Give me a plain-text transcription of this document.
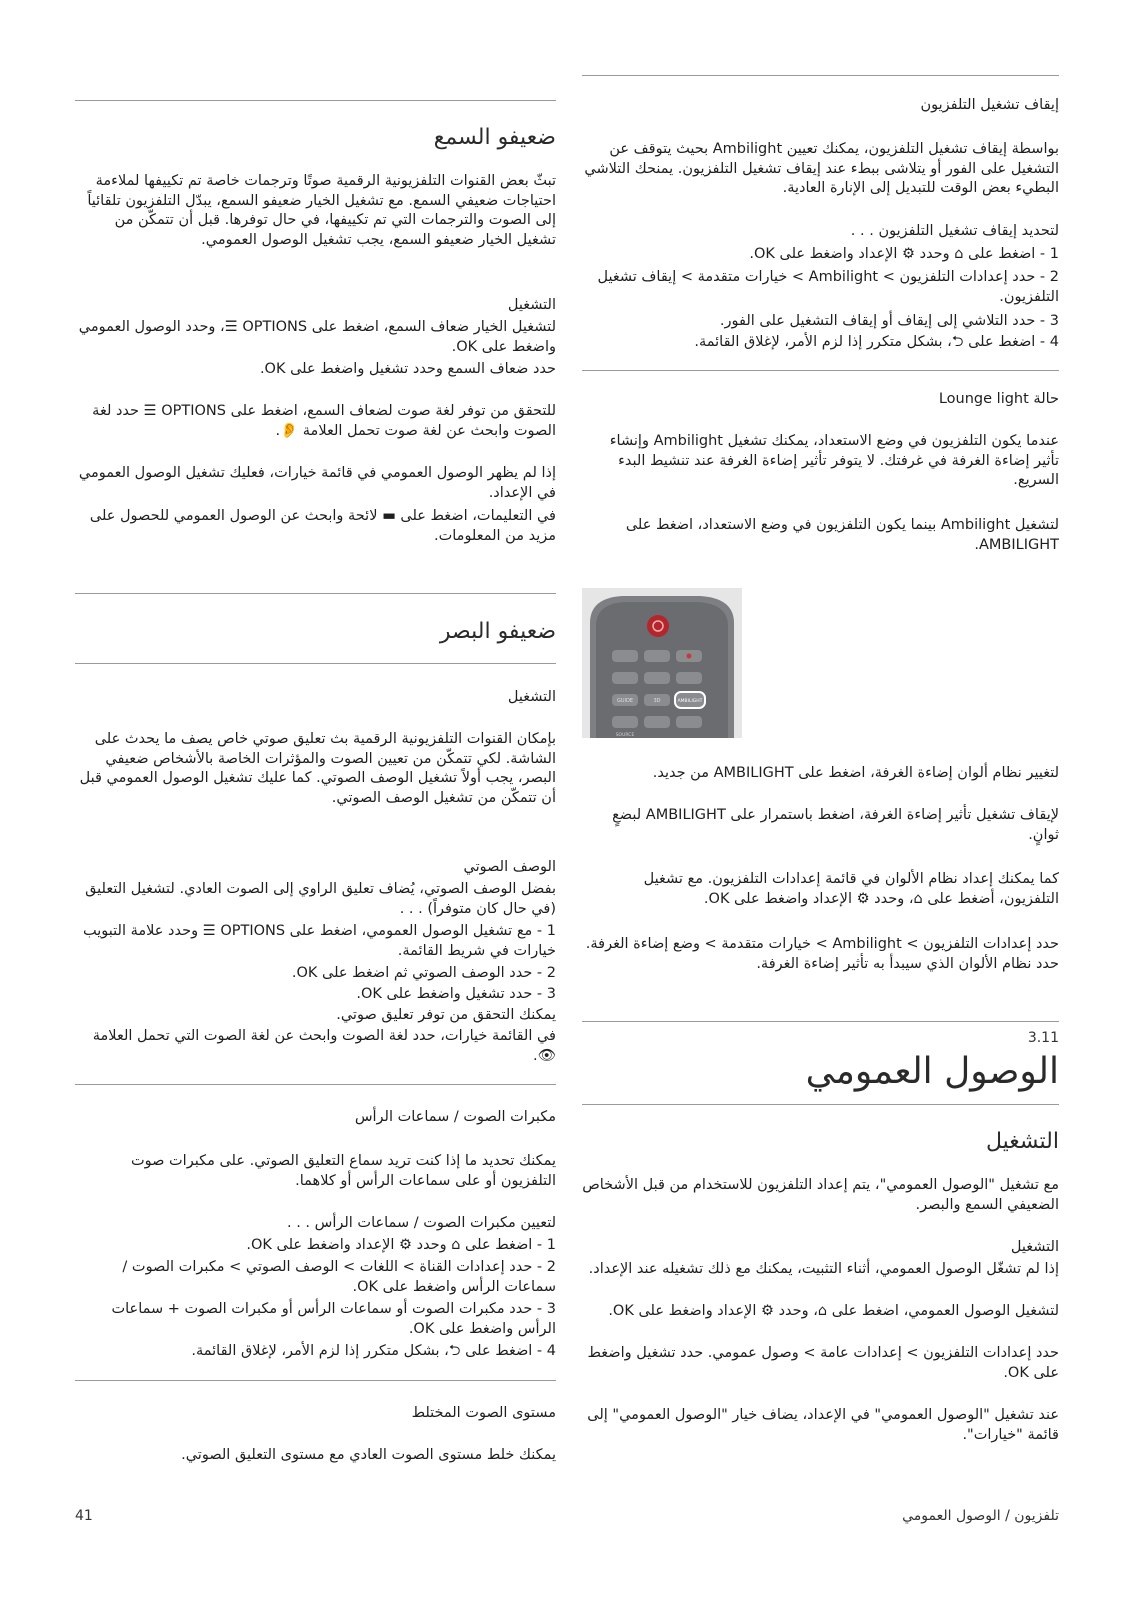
إيقاف تشغيل التلفزيون
بواسطة إيقاف تشغيل التلفزيون، يمكنك تعيين Ambilight بحيث يتوقف عن التشغيل على الفور أو يتلاشى ببطء عند إيقاف تشغيل التلفزيون. يمنحك التلاشي البطيء بعض الوقت للتبديل إلى الإنارة العادية.
لتحديد إيقاف تشغيل التلفزيون . . .
1 - اضغط على ⌂ وحدد ⚙ الإعداد واضغط على OK.
2 - حدد إعدادات التلفزيون > Ambilight > خيارات متقدمة > إيقاف تشغيل التلفزيون.
3 - حدد التلاشي إلى إيقاف أو إيقاف التشغيل على الفور.
4 - اضغط على ⮌، بشكل متكرر إذا لزم الأمر، لإغلاق القائمة.
حالة Lounge light
عندما يكون التلفزيون في وضع الاستعداد، يمكنك تشغيل Ambilight وإنشاء تأثير إضاءة الغرفة في غرفتك. لا يتوفر تأثير إضاءة الغرفة عند تنشيط البدء السريع.
لتشغيل Ambilight بينما يكون التلفزيون في وضع الاستعداد، اضغط على AMBILIGHT.
GUIDE	3D	AMBILIGHT
SOURCE
لتغيير نظام ألوان إضاءة الغرفة، اضغط على AMBILIGHT من جديد.
لإيقاف تشغيل تأثير إضاءة الغرفة، اضغط باستمرار على AMBILIGHT لبضعٍ ثوانٍ.
كما يمكنك إعداد نظام الألوان في قائمة إعدادات التلفزيون. مع تشغيل التلفزيون، أضغط على ⌂، وحدد ⚙ الإعداد واضغط على OK.
حدد إعدادات التلفزيون > Ambilight > خيارات متقدمة > وضع إضاءة الغرفة. حدد نظام الألوان الذي سيبدأ به تأثير إضاءة الغرفة.
3.11
الوصول العمومي
التشغيل
مع تشغيل "الوصول العمومي"، يتم إعداد التلفزيون للاستخدام من قبل الأشخاص الضعيفي السمع والبصر.
التشغيل
إذا لم تشغّل الوصول العمومي، أثناء التثبيت، يمكنك مع ذلك تشغيله عند الإعداد.
لتشغيل الوصول العمومي، اضغط على ⌂، وحدد ⚙ الإعداد واضغط على OK.
حدد إعدادات التلفزيون > إعدادات عامة > وصول عمومي. حدد تشغيل واضغط على OK.
عند تشغيل "الوصول العمومي" في الإعداد، يضاف خيار "الوصول العمومي" إلى قائمة "خيارات".
تلفزيون / الوصول العمومي
ضعيفو السمع
تبثّ بعض القنوات التلفزيونية الرقمية صوتًا وترجمات خاصة تم تكييفها لملاءمة احتياجات ضعيفي السمع. مع تشغيل الخيار ضعيفو السمع، يبدّل التلفزيون تلقائياً إلى الصوت والترجمات التي تم تكييفها، في حال توفرها. قبل أن تتمكّن من تشغيل الخيار ضعيفو السمع، يجب تشغيل الوصول العمومي.
التشغيل
لتشغيل الخيار ضعاف السمع، اضغط على OPTIONS ☰، وحدد الوصول العمومي واضغط على OK.
حدد ضعاف السمع وحدد تشغيل واضغط على OK.
للتحقق من توفر لغة صوت لضعاف السمع، اضغط على OPTIONS ☰ حدد لغة الصوت وابحث عن لغة صوت تحمل العلامة 👂.
إذا لم يظهر الوصول العمومي في قائمة خيارات، فعليك تشغيل الوصول العمومي في الإعداد.
في التعليمات، اضغط على ▬ لائحة وابحث عن الوصول العمومي للحصول على مزيد من المعلومات.
ضعيفو البصر
التشغيل
بإمكان القنوات التلفزيونية الرقمية بث تعليق صوتي خاص يصف ما يحدث على الشاشة. لكي تتمكّن من تعيين الصوت والمؤثرات الخاصة بالأشخاص ضعيفي البصر، يجب أولاً تشغيل الوصف الصوتي. كما عليك تشغيل الوصول العمومي قبل أن تتمكّن من تشغيل الوصف الصوتي.
الوصف الصوتي
بفضل الوصف الصوتي، يُضاف تعليق الراوي إلى الصوت العادي. لتشغيل التعليق (في حال كان متوفراً) . . .
1 - مع تشغيل الوصول العمومي، اضغط على OPTIONS ☰ وحدد علامة التبويب خيارات في شريط القائمة.
2 - حدد الوصف الصوتي ثم اضغط على OK.
3 - حدد تشغيل واضغط على OK.
يمكنك التحقق من توفر تعليق صوتي.
في القائمة خيارات، حدد لغة الصوت وابحث عن لغة الصوت التي تحمل العلامة 👁.
مكبرات الصوت / سماعات الرأس
يمكنك تحديد ما إذا كنت تريد سماع التعليق الصوتي. على مكبرات صوت التلفزيون أو على سماعات الرأس أو كلاهما.
لتعيين مكبرات الصوت / سماعات الرأس . . .
1 - اضغط على ⌂ وحدد ⚙ الإعداد واضغط على OK.
2 - حدد إعدادات القناة > اللغات > الوصف الصوتي > مكبرات الصوت / سماعات الرأس واضغط على OK.
3 - حدد مكبرات الصوت أو سماعات الرأس أو مكبرات الصوت + سماعات الرأس واضغط على OK.
4 - اضغط على ⮌، بشكل متكرر إذا لزم الأمر، لإغلاق القائمة.
مستوى الصوت المختلط
يمكنك خلط مستوى الصوت العادي مع مستوى التعليق الصوتي.
41
